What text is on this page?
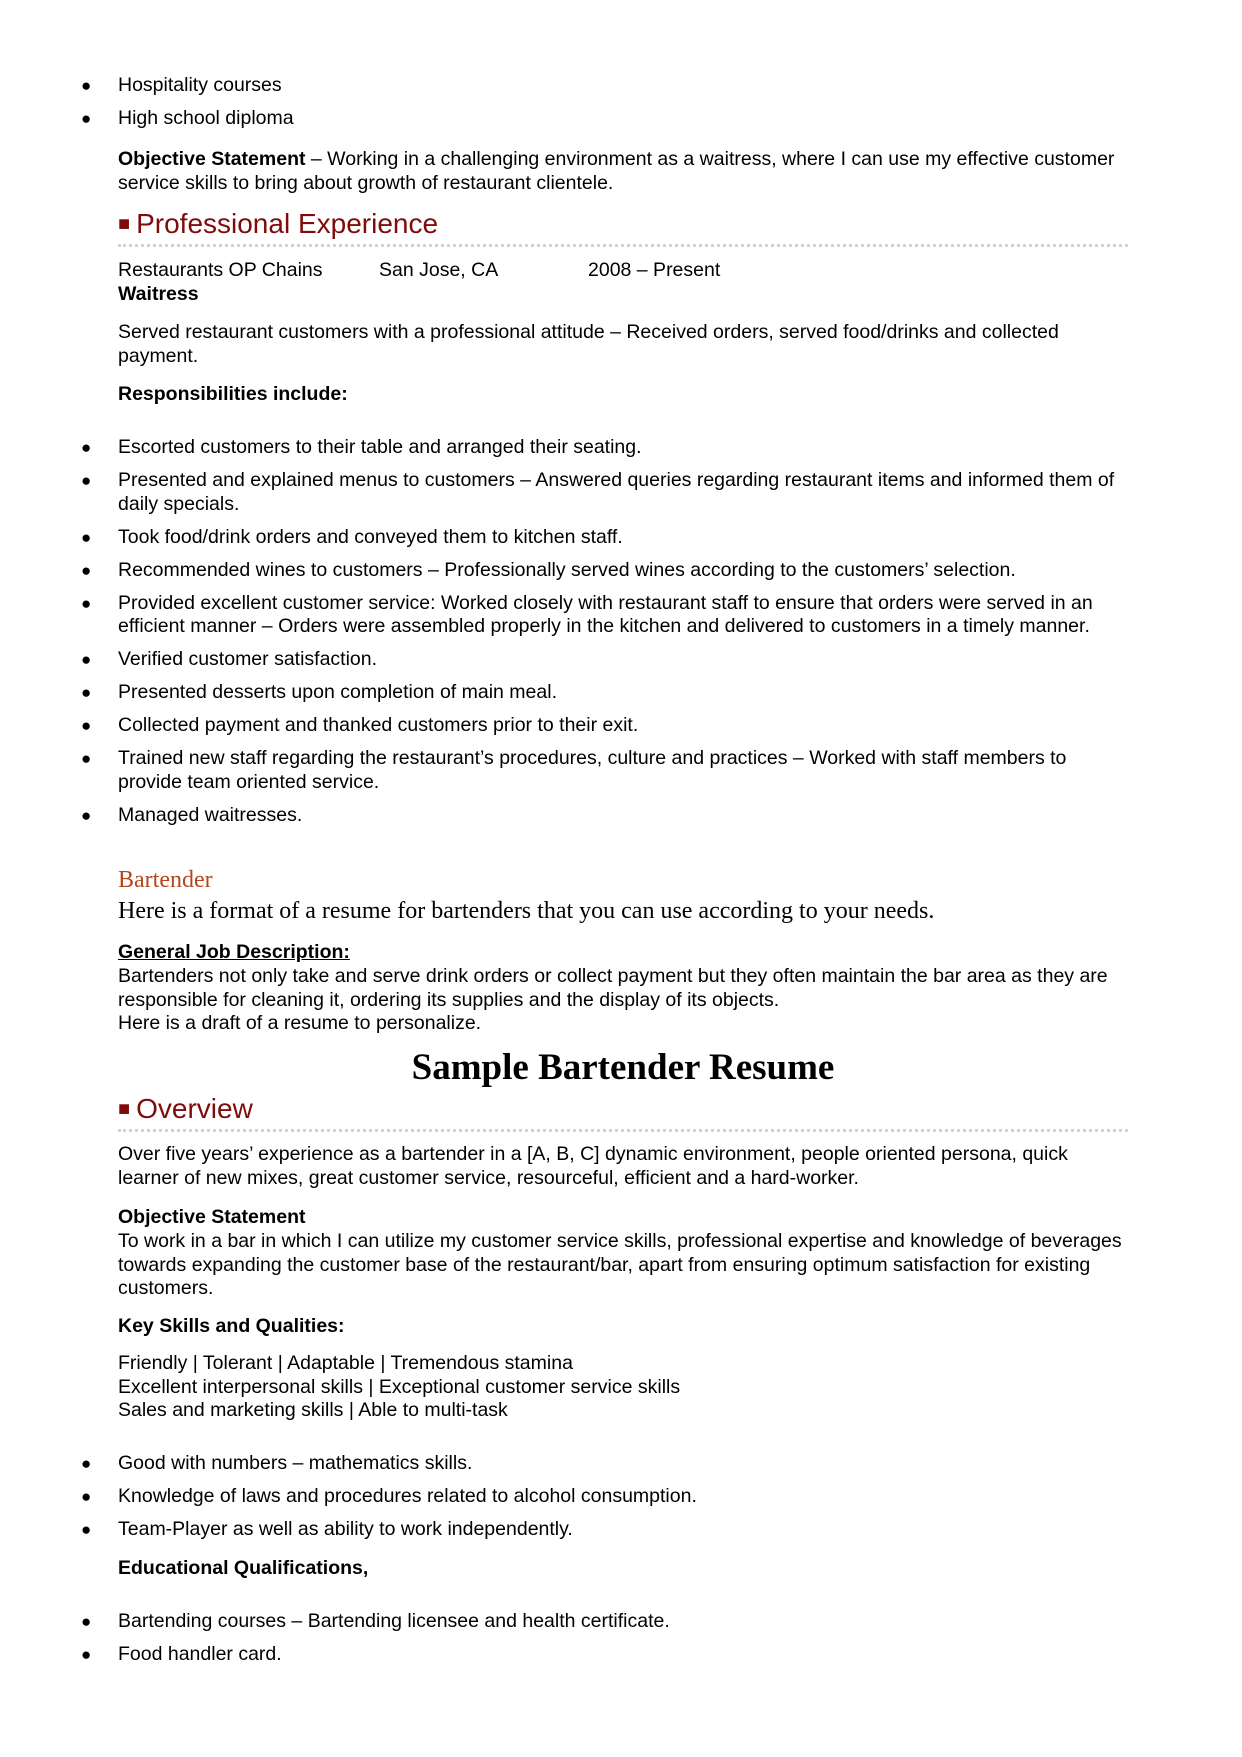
● Hospitality courses
● High school diploma
Objective Statement – Working in a challenging environment as a waitress, where I can use my effective customer service skills to bring about growth of restaurant clientele.
■ Professional Experience
Restaurants OP Chains	San Jose, CA	2008 – Present
Waitress
Served restaurant customers with a professional attitude – Received orders, served food/drinks and collected payment.
Responsibilities include:
● Escorted customers to their table and arranged their seating.
● Presented and explained menus to customers – Answered queries regarding restaurant items and informed them of daily specials.
● Took food/drink orders and conveyed them to kitchen staff.
● Recommended wines to customers – Professionally served wines according to the customers’ selection.
● Provided excellent customer service: Worked closely with restaurant staff to ensure that orders were served in an efficient manner – Orders were assembled properly in the kitchen and delivered to customers in a timely manner.
● Verified customer satisfaction.
● Presented desserts upon completion of main meal.
● Collected payment and thanked customers prior to their exit.
● Trained new staff regarding the restaurant’s procedures, culture and practices – Worked with staff members to provide team oriented service.
● Managed waitresses.
Bartender
Here is a format of a resume for bartenders that you can use according to your needs.
General Job Description:
Bartenders not only take and serve drink orders or collect payment but they often maintain the bar area as they are responsible for cleaning it, ordering its supplies and the display of its objects.
Here is a draft of a resume to personalize.
Sample Bartender Resume
■ Overview
Over five years’ experience as a bartender in a [A, B, C] dynamic environment, people oriented persona, quick learner of new mixes, great customer service, resourceful, efficient and a hard-worker.
Objective Statement
To work in a bar in which I can utilize my customer service skills, professional expertise and knowledge of beverages towards expanding the customer base of the restaurant/bar, apart from ensuring optimum satisfaction for existing customers.
Key Skills and Qualities:
Friendly | Tolerant | Adaptable | Tremendous stamina
Excellent interpersonal skills | Exceptional customer service skills
Sales and marketing skills | Able to multi-task
● Good with numbers – mathematics skills.
● Knowledge of laws and procedures related to alcohol consumption.
● Team-Player as well as ability to work independently.
Educational Qualifications,
● Bartending courses – Bartending licensee and health certificate.
● Food handler card.
